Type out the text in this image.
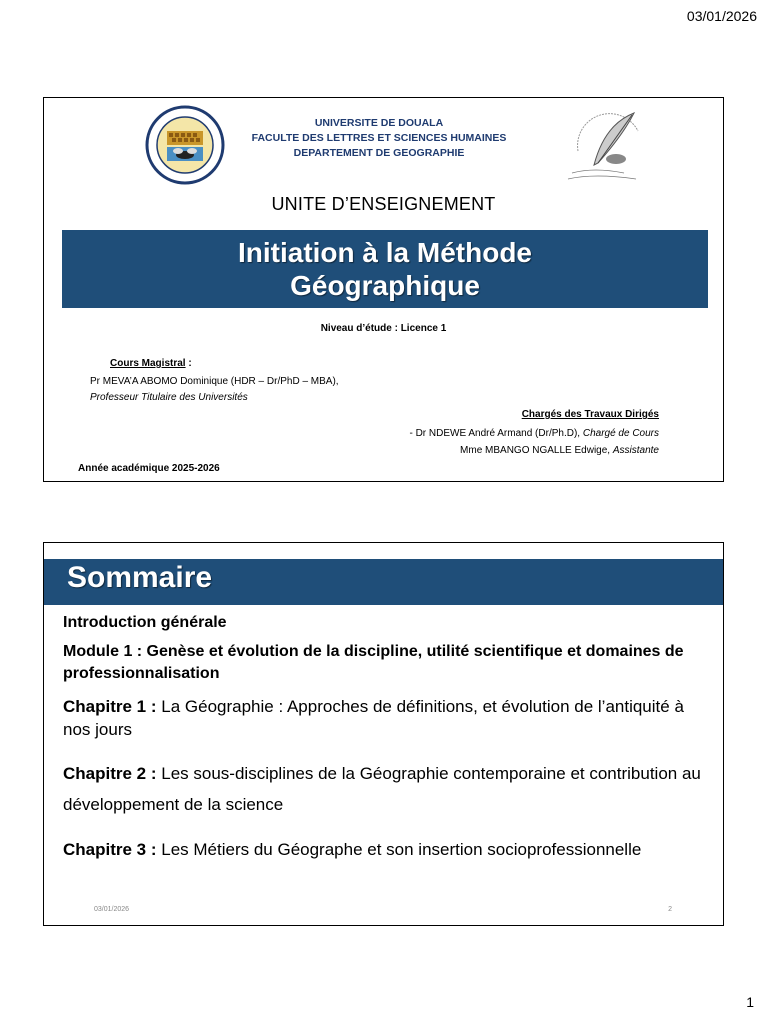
03/01/2026
UNIVERSITE DE DOUALA
FACULTE DES LETTRES ET SCIENCES HUMAINES
DEPARTEMENT DE GEOGRAPHIE
UNITE D’ENSEIGNEMENT
Initiation à la Méthode
Géographique
Niveau d’étude : Licence 1
Cours Magistral :
Pr MEVA’A ABOMO Dominique (HDR – Dr/PhD – MBA),
Professeur Titulaire des Universités
Chargés des Travaux Dirigés
- Dr NDEWE André Armand (Dr/Ph.D), Chargé de Cours
Mme MBANGO NGALLE Edwige, Assistante
Année académique 2025-2026
Sommaire

Introduction générale

Module 1 : Genèse et évolution de la discipline, utilité scientifique et domaines de professionnalisation

Chapitre 1 : La Géographie : Approches de définitions, et évolution de l’antiquité à nos jours

Chapitre 2 : Les sous-disciplines de la Géographie contemporaine et contribution au développement de la science

Chapitre 3 : Les Métiers du Géographe et son insertion socioprofessionnelle

03/01/2026	2
1
